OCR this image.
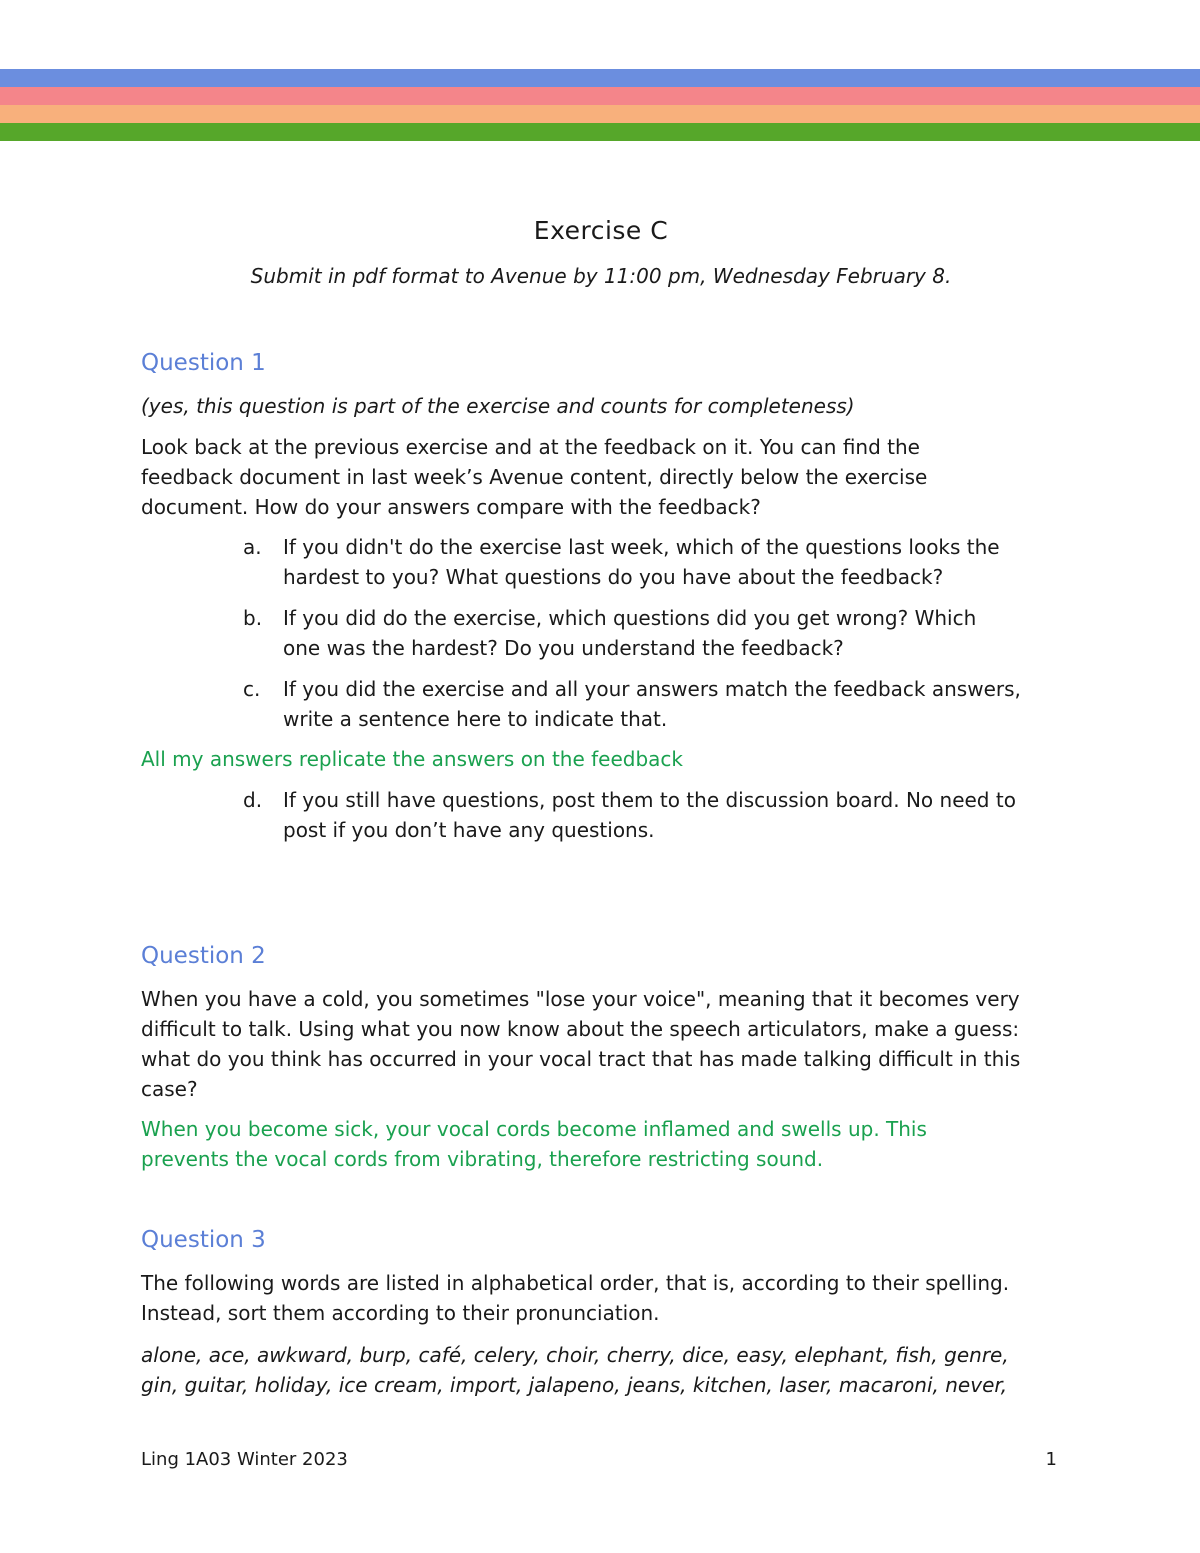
Exercise C
Submit in pdf format to Avenue by 11:00 pm, Wednesday February 8.
Question 1
(yes, this question is part of the exercise and counts for completeness)
Look back at the previous exercise and at the feedback on it. You can find the feedback document in last week’s Avenue content, directly below the exercise document. How do your answers compare with the feedback?
a. If you didn't do the exercise last week, which of the questions looks the hardest to you? What questions do you have about the feedback?
b. If you did do the exercise, which questions did you get wrong? Which one was the hardest? Do you understand the feedback?
c. If you did the exercise and all your answers match the feedback answers, write a sentence here to indicate that.
All my answers replicate the answers on the feedback
d. If you still have questions, post them to the discussion board. No need to post if you don’t have any questions.
Question 2
When you have a cold, you sometimes "lose your voice", meaning that it becomes very difficult to talk. Using what you now know about the speech articulators, make a guess: what do you think has occurred in your vocal tract that has made talking difficult in this case?
When you become sick, your vocal cords become inflamed and swells up. This prevents the vocal cords from vibrating, therefore restricting sound.
Question 3
The following words are listed in alphabetical order, that is, according to their spelling. Instead, sort them according to their pronunciation.
alone, ace, awkward, burp, café, celery, choir, cherry, dice, easy, elephant, fish, genre, gin, guitar, holiday, ice cream, import, jalapeno, jeans, kitchen, laser, macaroni, never,
Ling 1A03 Winter 2023	1
